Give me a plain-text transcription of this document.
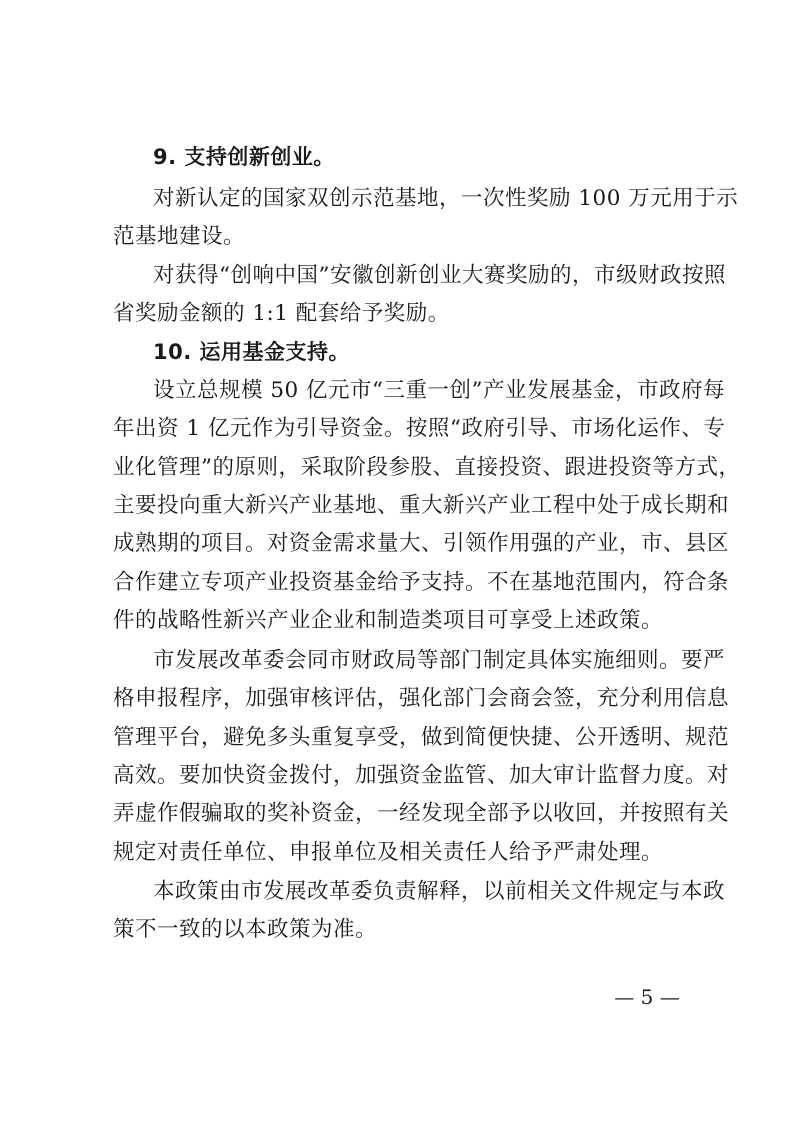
9. 支持创新创业。
对新认定的国家双创示范基地，一次性奖励 100 万元用于示
范基地建设。
对获得“创响中国”安徽创新创业大赛奖励的，市级财政按照
省奖励金额的 1:1 配套给予奖励。
10. 运用基金支持。
设立总规模 50 亿元市“三重一创”产业发展基金，市政府每
年出资 1 亿元作为引导资金。按照“政府引导、市场化运作、专
业化管理”的原则，采取阶段参股、直接投资、跟进投资等方式，
主要投向重大新兴产业基地、重大新兴产业工程中处于成长期和
成熟期的项目。对资金需求量大、引领作用强的产业，市、县区
合作建立专项产业投资基金给予支持。不在基地范围内，符合条
件的战略性新兴产业企业和制造类项目可享受上述政策。
市发展改革委会同市财政局等部门制定具体实施细则。要严
格申报程序，加强审核评估，强化部门会商会签，充分利用信息
管理平台，避免多头重复享受，做到简便快捷、公开透明、规范
高效。要加快资金拨付，加强资金监管、加大审计监督力度。对
弄虚作假骗取的奖补资金，一经发现全部予以收回，并按照有关
规定对责任单位、申报单位及相关责任人给予严肃处理。
本政策由市发展改革委负责解释，以前相关文件规定与本政
策不一致的以本政策为准。
— 5 —
